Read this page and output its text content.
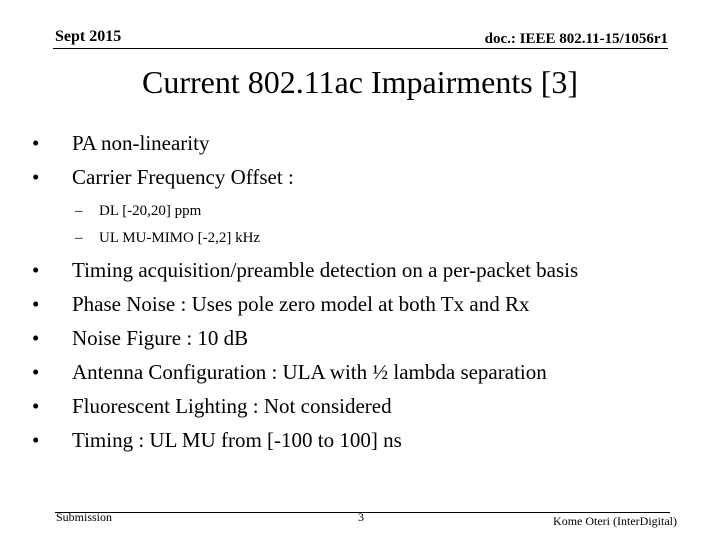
Sept 2015	doc.: IEEE 802.11-15/1056r1
Current 802.11ac Impairments [3]
• PA non-linearity
• Carrier Frequency Offset :
– DL [-20,20] ppm
– UL MU-MIMO [-2,2] kHz
• Timing acquisition/preamble detection on a per-packet basis
• Phase Noise : Uses pole zero model at both Tx and Rx
• Noise Figure : 10 dB
• Antenna Configuration : ULA with ½ lambda separation
• Fluorescent Lighting : Not considered
• Timing : UL MU from [-100 to 100] ns
Submission	3	Kome Oteri (InterDigital)
